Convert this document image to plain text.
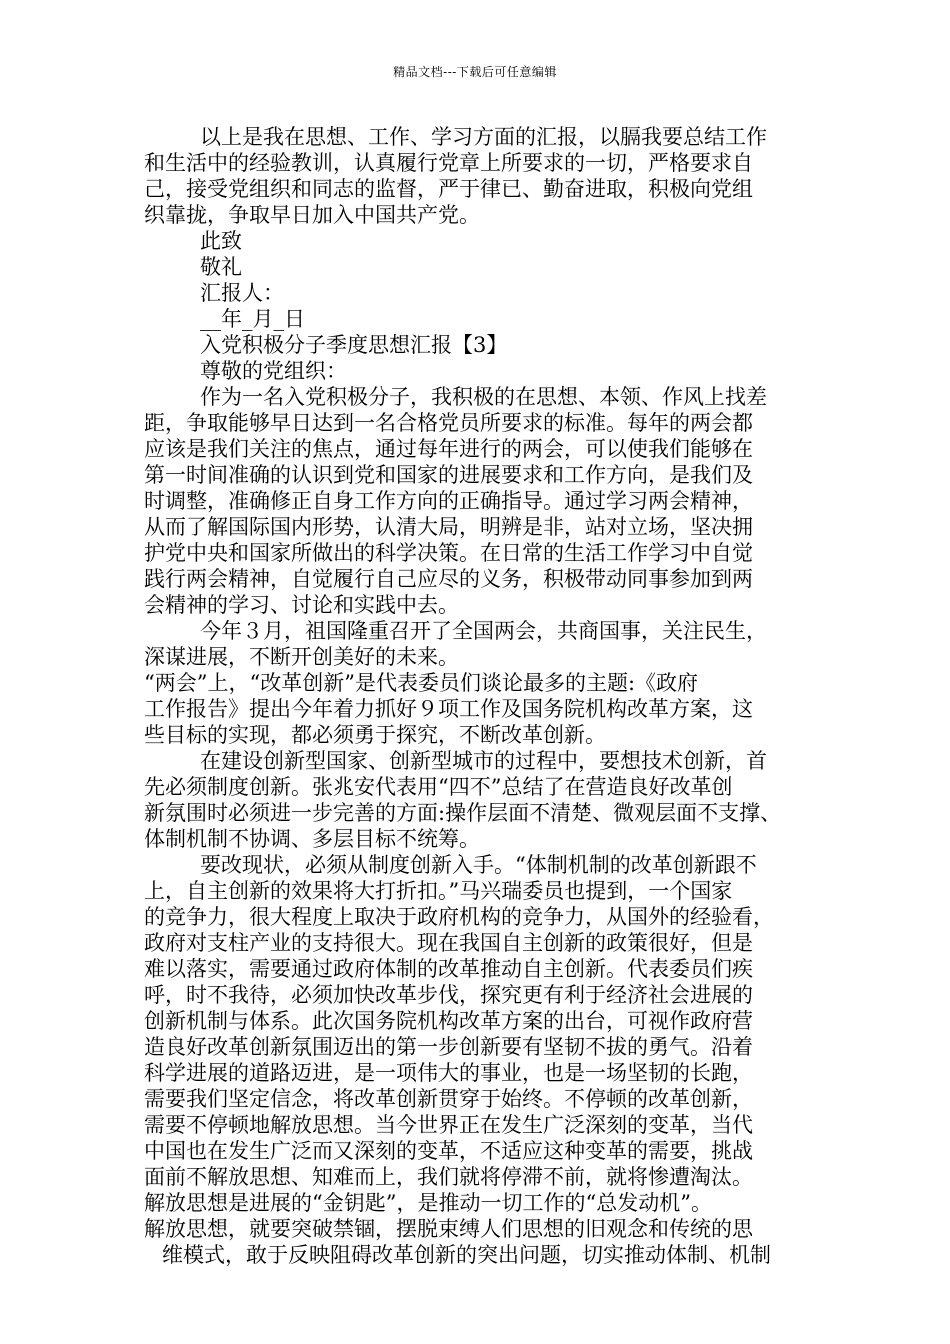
精品文档---下载后可任意编辑
以上是我在思想、工作、学习方面的汇报，以膈我要总结工作
和生活中的经验教训，认真履行党章上所要求的一切，严格要求自
己，接受党组织和同志的监督，严于律已、勤奋进取，积极向党组
织靠拢，争取早日加入中国共产党。
此致
敬礼
汇报人：
__年_月_日
入党积极分子季度思想汇报【3】
尊敬的党组织：
作为一名入党积极分子，我积极的在思想、本领、作风上找差
距，争取能够早日达到一名合格党员所要求的标准。每年的两会都
应该是我们关注的焦点，通过每年进行的两会，可以使我们能够在
第一时间准确的认识到党和国家的进展要求和工作方向，是我们及
时调整，准确修正自身工作方向的正确指导。通过学习两会精神，
从而了解国际国内形势，认清大局，明辨是非，站对立场，坚决拥
护党中央和国家所做出的科学决策。在日常的生活工作学习中自觉
践行两会精神，自觉履行自己应尽的义务，积极带动同事参加到两
会精神的学习、讨论和实践中去。
今年３月，祖国隆重召开了全国两会，共商国事，关注民生，
深谋进展，不断开创美好的未来。
“两会”上，“改革创新”是代表委员们谈论最多的主题:《政府
工作报告》提出今年着力抓好９项工作及国务院机构改革方案，这
些目标的实现，都必须勇于探究，不断改革创新。
在建设创新型国家、创新型城市的过程中，要想技术创新，首
先必须制度创新。张兆安代表用“四不”总结了在营造良好改革创
新氛围时必须进一步完善的方面:操作层面不清楚、微观层面不支撑、
体制机制不协调、多层目标不统筹。
要改现状，必须从制度创新入手。“体制机制的改革创新跟不
上，自主创新的效果将大打折扣。”马兴瑞委员也提到，一个国家
的竞争力，很大程度上取决于政府机构的竞争力，从国外的经验看，
政府对支柱产业的支持很大。现在我国自主创新的政策很好，但是
难以落实，需要通过政府体制的改革推动自主创新。代表委员们疾
呼，时不我待，必须加快改革步伐，探究更有利于经济社会进展的
创新机制与体系。此次国务院机构改革方案的出台，可视作政府营
造良好改革创新氛围迈出的第一步创新要有坚韧不拔的勇气。沿着
科学进展的道路迈进，是一项伟大的事业，也是一场坚韧的长跑，
需要我们坚定信念，将改革创新贯穿于始终。不停顿的改革创新，
需要不停顿地解放思想。当今世界正在发生广泛深刻的变革，当代
中国也在发生广泛而又深刻的变革，不适应这种变革的需要，挑战
面前不解放思想、知难而上，我们就将停滞不前，就将惨遭淘汰。
解放思想是进展的“金钥匙”，是推动一切工作的“总发动机”。
解放思想，就要突破禁锢，摆脱束缚人们思想的旧观念和传统的思
维模式，敢于反映阻碍改革创新的突出问题，切实推动体制、机制
